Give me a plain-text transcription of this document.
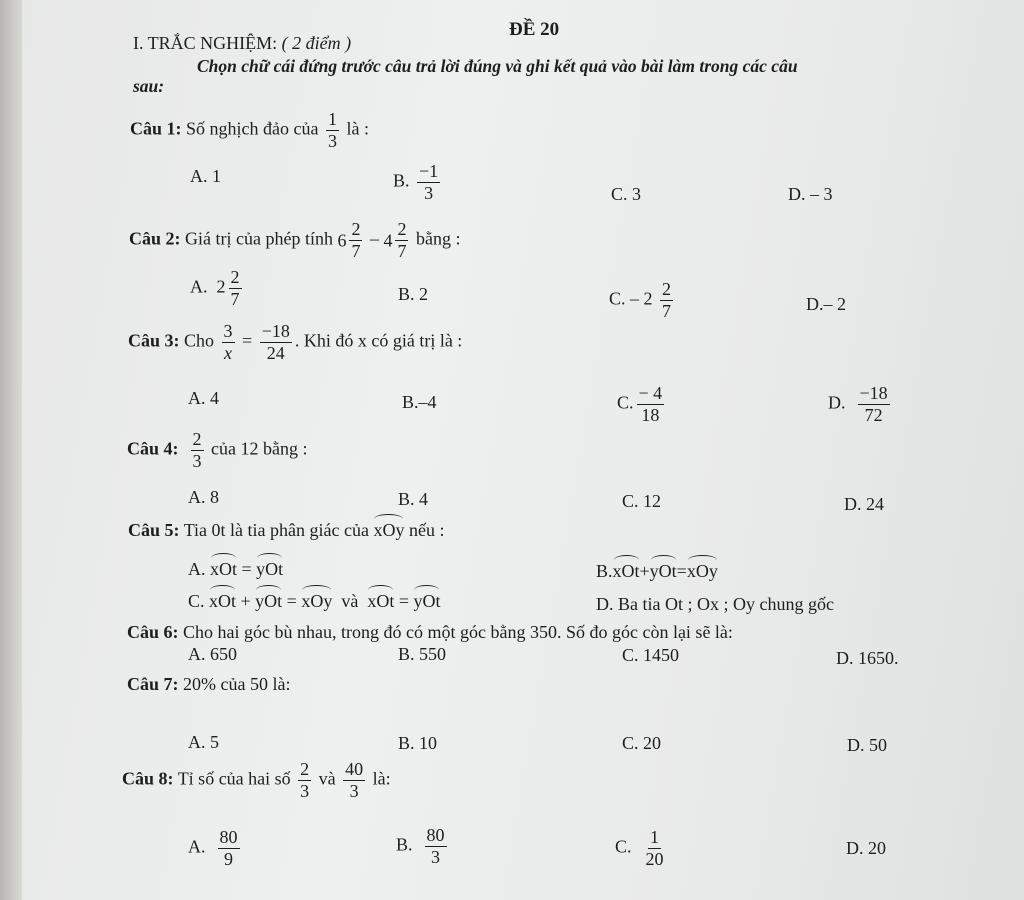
ĐỀ 20
I. TRẮC NGHIỆM: ( 2 điểm )
Chọn chữ cái đứng trước câu trả lời đúng và ghi kết quả vào bài làm trong các câu
sau:
Câu 1: Số nghịch đảo của $\frac{1}{3}$ là :
A. 1	B. $\frac{-1}{3}$	C. 3	D. – 3
Câu 2: Giá trị của phép tính $6 \frac{2}{7} - 4 \frac{2}{7}$ bằng :
A. $2 \frac{2}{7}$	B. 2	C. – $2 \frac{2}{7}$	D.– 2
Câu 3: Cho $\frac{3}{x} = \frac{-18}{24}$ . Khi đó x có giá trị là :
A. 4	B.–4	C. $\frac{- 4}{18}$	D. $\frac{-18}{72}$
Câu 4: $\frac{2}{3}$ của 12 bằng :
A. 8	B. 4	C. 12	D. 24
Câu 5: Tia 0t là tia phân giác của xOy nếu :
A. xOt = yOt	B.xOt+yOt=xOy
C. xOt + yOt = xOy và xOt = yOt	D. Ba tia Ot ; Ox ; Oy chung gốc
Câu 6: Cho hai góc bù nhau, trong đó có một góc bằng 350. Số đo góc còn lại sẽ là:
A. 650	B. 550	C. 1450	D. 1650.
Câu 7: 20% của 50 là:
A. 5	B. 10	C. 20	D. 50
Câu 8: Tỉ số của hai số $\frac{2}{3}$ và $\frac{40}{3}$ là:
A. $\frac{80}{9}$	B. $\frac{80}{3}$	C. $\frac{1}{20}$	D. 20
